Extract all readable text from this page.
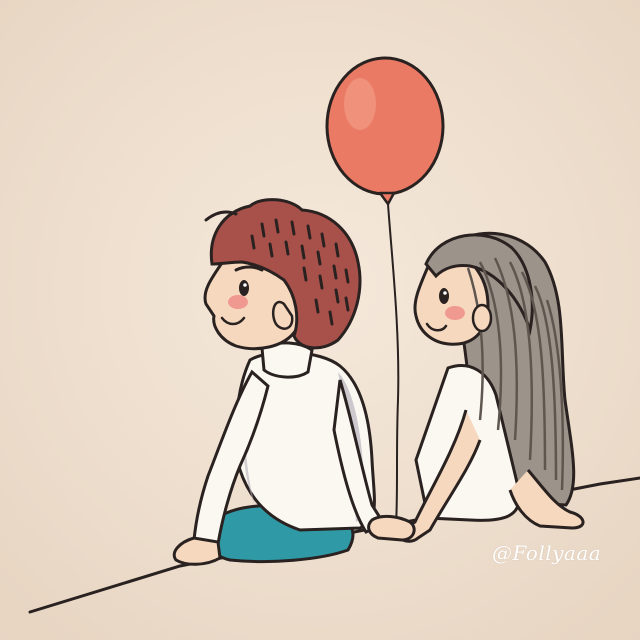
@Follyaaa
